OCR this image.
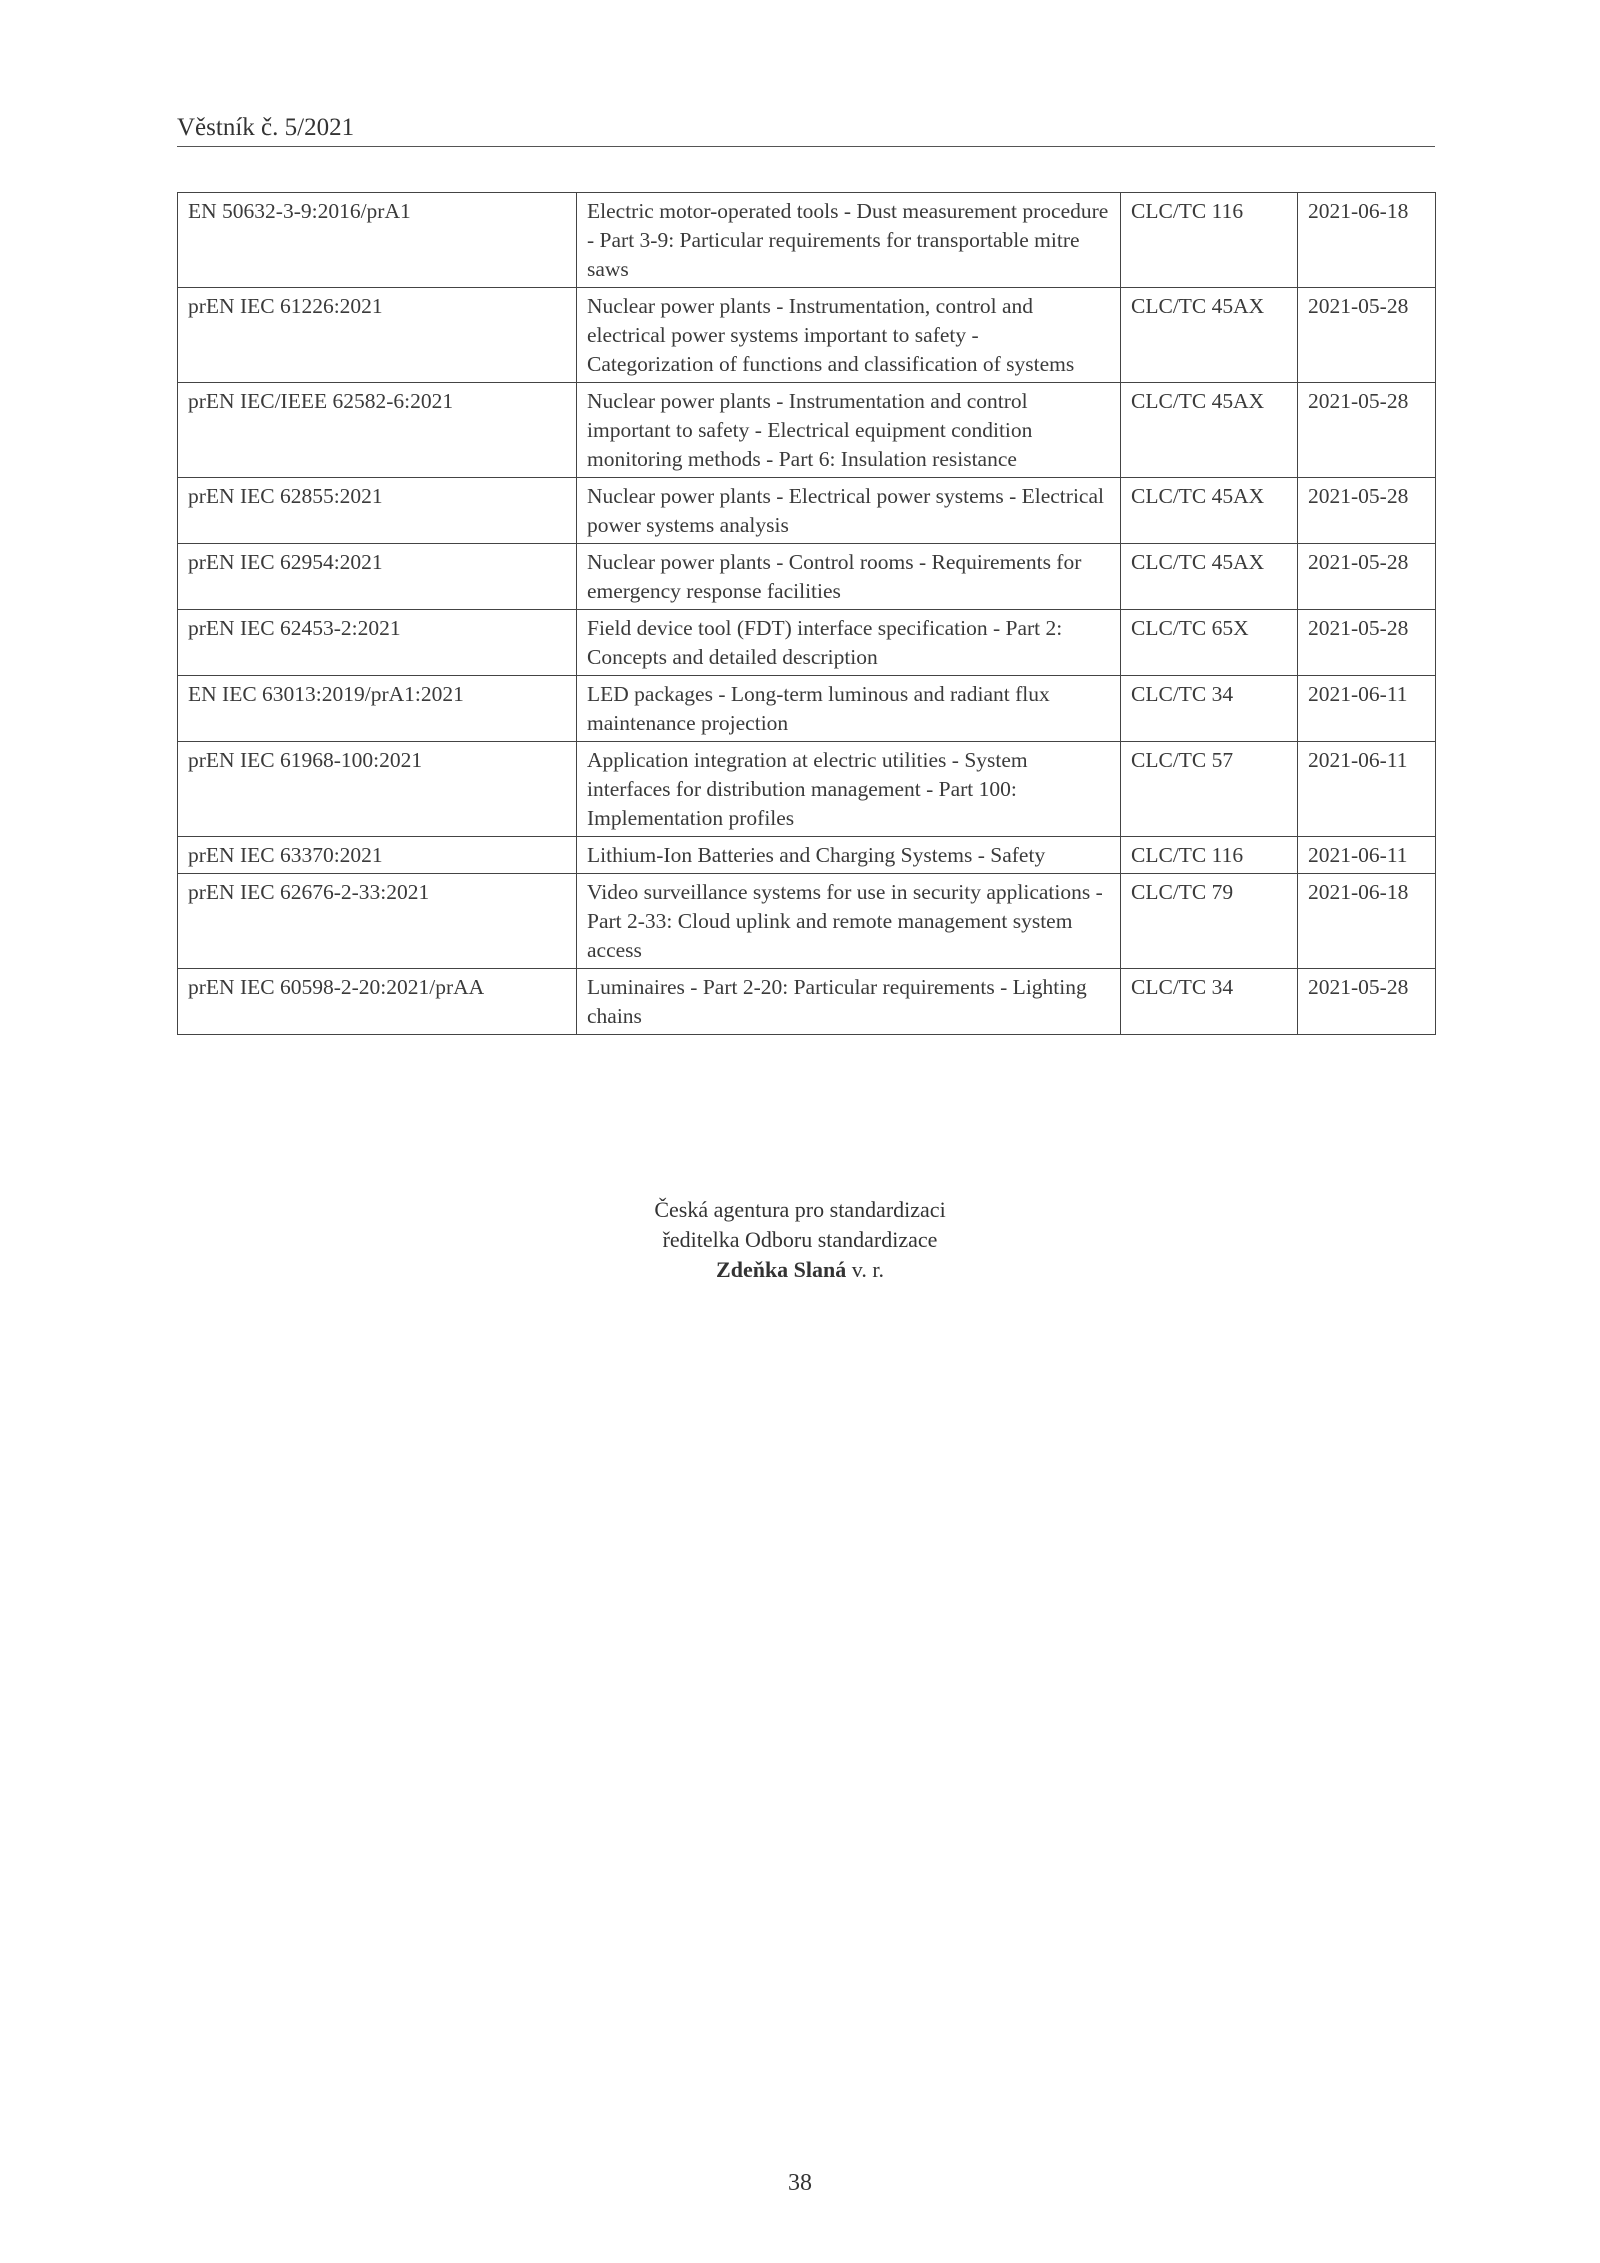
Věstník č. 5/2021
EN 50632-3-9:2016/prA1	Electric motor-operated tools - Dust measurement procedure - Part 3-9: Particular requirements for transportable mitre saws	CLC/TC 116	2021-06-18
prEN IEC 61226:2021	Nuclear power plants - Instrumentation, control and electrical power systems important to safety - Categorization of functions and classification of systems	CLC/TC 45AX	2021-05-28
prEN IEC/IEEE 62582-6:2021	Nuclear power plants - Instrumentation and control important to safety - Electrical equipment condition monitoring methods - Part 6: Insulation resistance	CLC/TC 45AX	2021-05-28
prEN IEC 62855:2021	Nuclear power plants - Electrical power systems - Electrical power systems analysis	CLC/TC 45AX	2021-05-28
prEN IEC 62954:2021	Nuclear power plants - Control rooms - Requirements for emergency response facilities	CLC/TC 45AX	2021-05-28
prEN IEC 62453-2:2021	Field device tool (FDT) interface specification - Part 2: Concepts and detailed description	CLC/TC 65X	2021-05-28
EN IEC 63013:2019/prA1:2021	LED packages - Long-term luminous and radiant flux maintenance projection	CLC/TC 34	2021-06-11
prEN IEC 61968-100:2021	Application integration at electric utilities - System interfaces for distribution management - Part 100: Implementation profiles	CLC/TC 57	2021-06-11
prEN IEC 63370:2021	Lithium-Ion Batteries and Charging Systems - Safety	CLC/TC 116	2021-06-11
prEN IEC 62676-2-33:2021	Video surveillance systems for use in security applications - Part 2-33: Cloud uplink and remote management system access	CLC/TC 79	2021-06-18
prEN IEC 60598-2-20:2021/prAA	Luminaires - Part 2-20: Particular requirements - Lighting chains	CLC/TC 34	2021-05-28
Česká agentura pro standardizaci
ředitelka Odboru standardizace
Zdeňka Slaná v. r.
38
